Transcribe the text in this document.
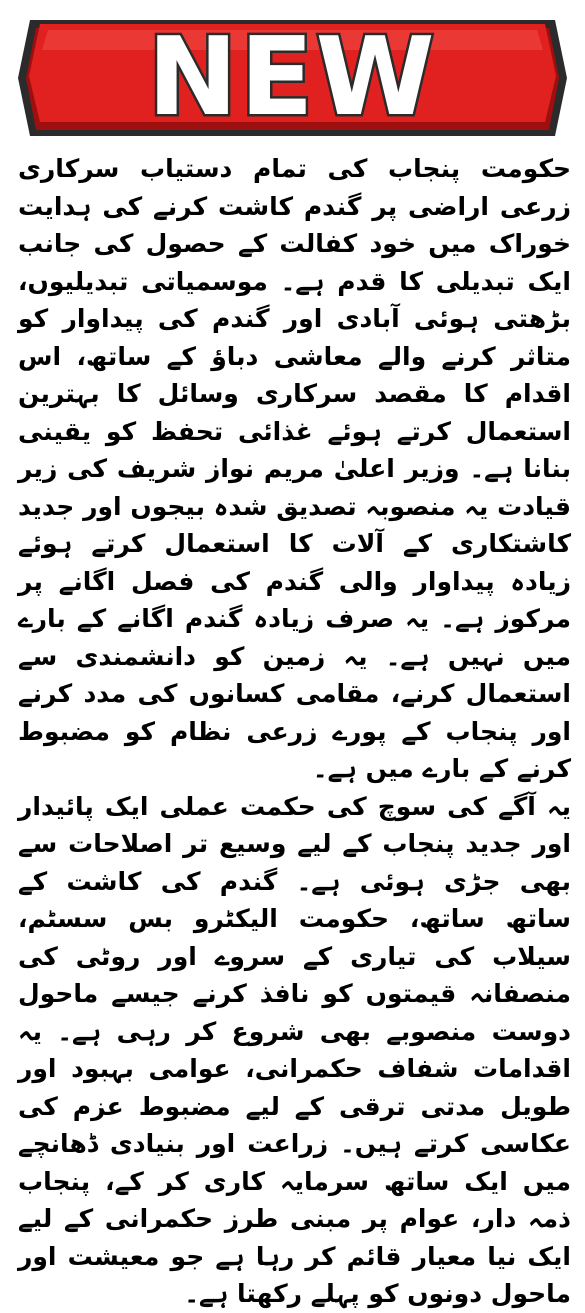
NEW

حکومت پنجاب کی تمام دستیاب سرکاری زرعی اراضی پر گندم کاشت کرنے کی ہدایت خوراک میں خود کفالت کے حصول کی جانب ایک تبدیلی کا قدم ہے۔ موسمیاتی تبدیلیوں، بڑھتی ہوئی آبادی اور گندم کی پیداوار کو متاثر کرنے والے معاشی دباؤ کے ساتھ، اس اقدام کا مقصد سرکاری وسائل کا بہترین استعمال کرتے ہوئے غذائی تحفظ کو یقینی بنانا ہے۔ وزیر اعلیٰ مریم نواز شریف کی زیر قیادت یہ منصوبہ تصدیق شدہ بیجوں اور جدید کاشتکاری کے آلات کا استعمال کرتے ہوئے زیادہ پیداوار والی گندم کی فصل اگانے پر مرکوز ہے۔ یہ صرف زیادہ گندم اگانے کے بارے میں نہیں ہے۔ یہ زمین کو دانشمندی سے استعمال کرنے، مقامی کسانوں کی مدد کرنے اور پنجاب کے پورے زرعی نظام کو مضبوط کرنے کے بارے میں ہے۔

یہ آگے کی سوچ کی حکمت عملی ایک پائیدار اور جدید پنجاب کے لیے وسیع تر اصلاحات سے بھی جڑی ہوئی ہے۔ گندم کی کاشت کے ساتھ ساتھ، حکومت الیکٹرو بس سسٹم، سیلاب کی تیاری کے سروے اور روٹی کی منصفانہ قیمتوں کو نافذ کرنے جیسے ماحول دوست منصوبے بھی شروع کر رہی ہے۔ یہ اقدامات شفاف حکمرانی، عوامی بہبود اور طویل مدتی ترقی کے لیے مضبوط عزم کی عکاسی کرتے ہیں۔ زراعت اور بنیادی ڈھانچے میں ایک ساتھ سرمایہ کاری کر کے، پنجاب ذمہ دار، عوام پر مبنی طرز حکمرانی کے لیے ایک نیا معیار قائم کر رہا ہے جو معیشت اور ماحول دونوں کو پہلے رکھتا ہے۔
